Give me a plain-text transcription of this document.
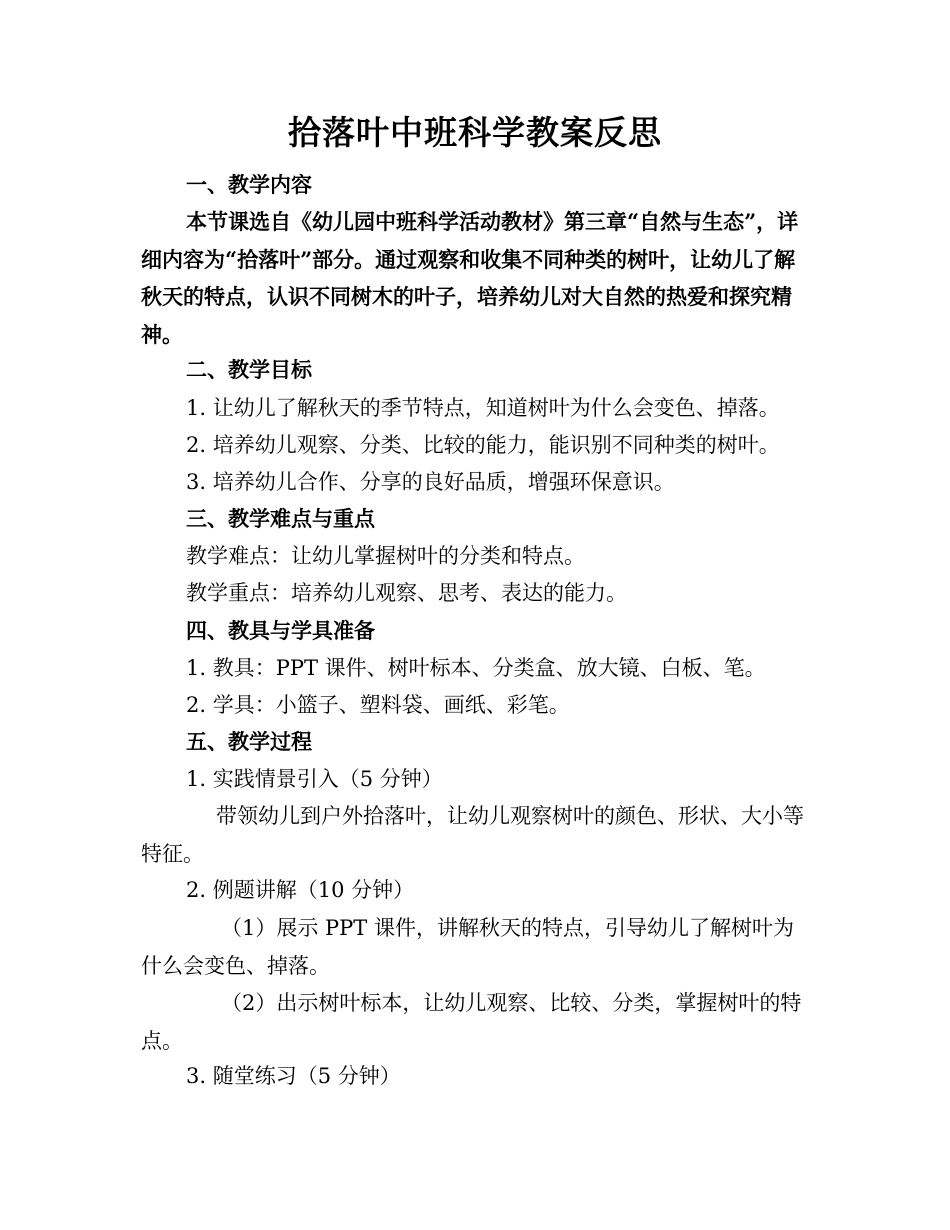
拾落叶中班科学教案反思
一、教学内容
本节课选自《幼儿园中班科学活动教材》第三章“自然与生态”，详细内容为“拾落叶”部分。通过观察和收集不同种类的树叶，让幼儿了解秋天的特点，认识不同树木的叶子，培养幼儿对大自然的热爱和探究精神。
二、教学目标
1. 让幼儿了解秋天的季节特点，知道树叶为什么会变色、掉落。
2. 培养幼儿观察、分类、比较的能力，能识别不同种类的树叶。
3. 培养幼儿合作、分享的良好品质，增强环保意识。
三、教学难点与重点
教学难点：让幼儿掌握树叶的分类和特点。
教学重点：培养幼儿观察、思考、表达的能力。
四、教具与学具准备
1. 教具：PPT 课件、树叶标本、分类盒、放大镜、白板、笔。
2. 学具：小篮子、塑料袋、画纸、彩笔。
五、教学过程
1. 实践情景引入（5 分钟）
带领幼儿到户外拾落叶，让幼儿观察树叶的颜色、形状、大小等特征。
2. 例题讲解（10 分钟）
（1）展示 PPT 课件，讲解秋天的特点，引导幼儿了解树叶为什么会变色、掉落。
（2）出示树叶标本，让幼儿观察、比较、分类，掌握树叶的特点。
3. 随堂练习（5 分钟）
